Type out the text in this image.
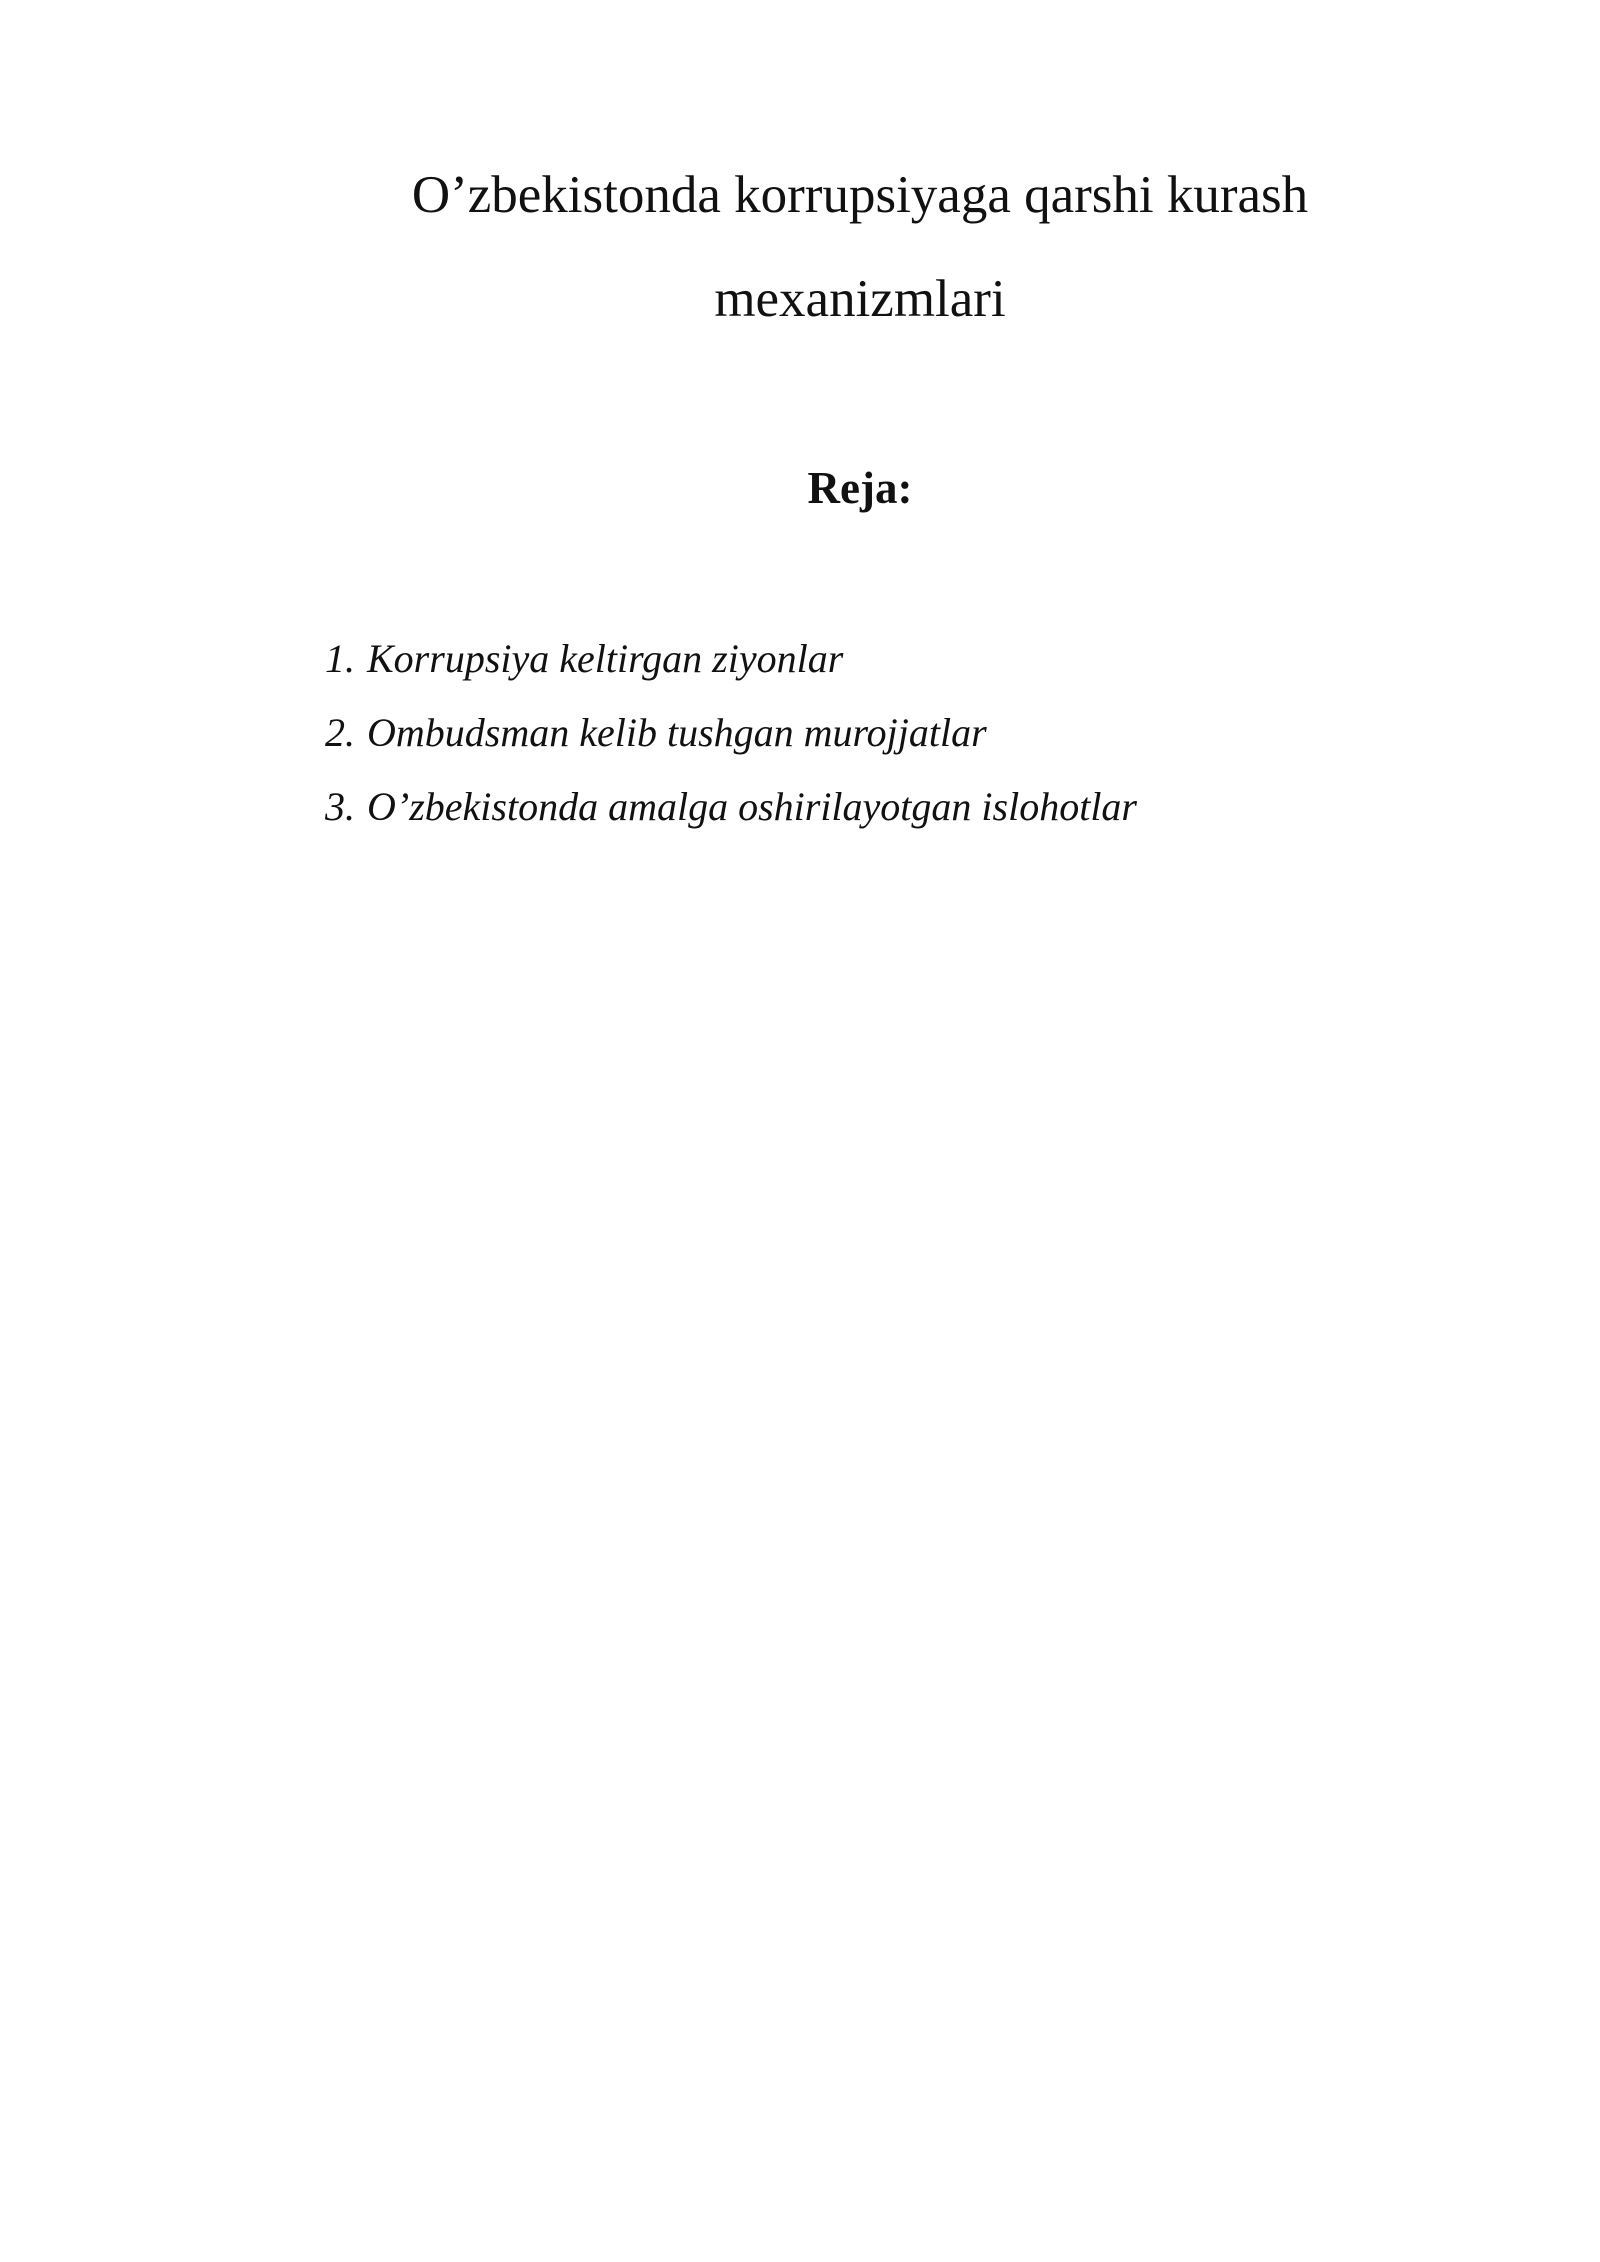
O’zbekistonda korrupsiyaga qarshi kurash
mexanizmlari
Reja:
1. Korrupsiya keltirgan ziyonlar
2. Ombudsman kelib tushgan murojjatlar
3. O’zbekistonda amalga oshirilayotgan islohotlar
